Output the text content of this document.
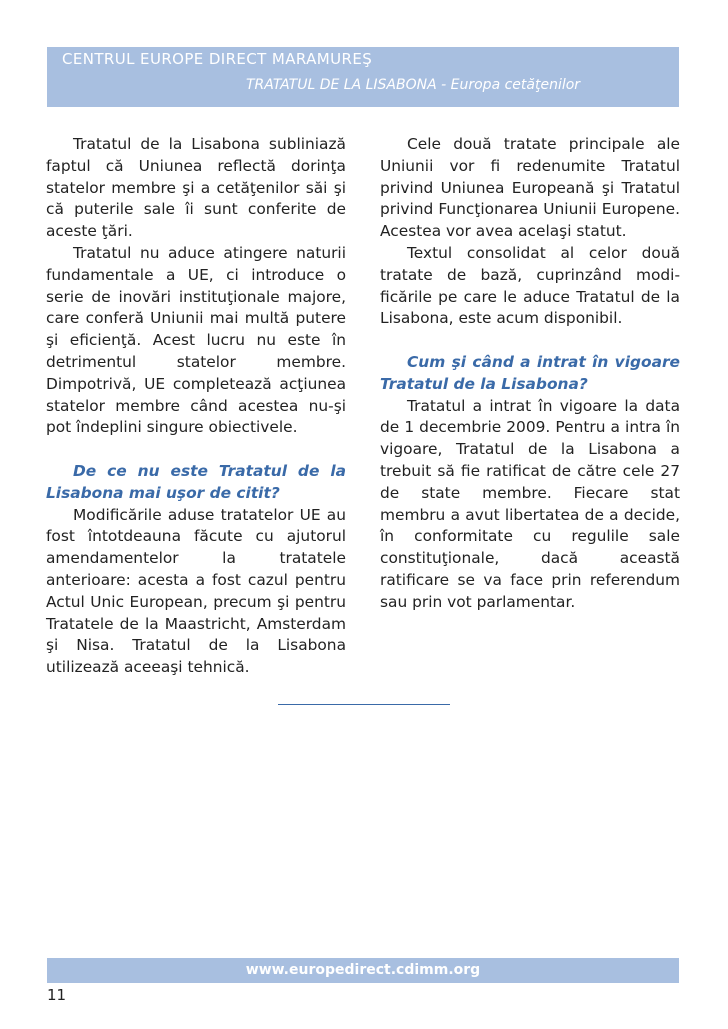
CENTRUL EUROPE DIRECT MARAMUREŞ
TRATATUL DE LA LISABONA - Europa cetăţenilor

Tratatul de la Lisabona subliniază faptul că Uniunea reflectă dorinţa statelor membre şi a cetăţenilor săi şi că puterile sale îi sunt conferite de aceste ţări.

Tratatul nu aduce atingere naturii fundamentale a UE, ci introduce o serie de inovări instituţionale majore, care conferă Uniunii mai multă putere şi eficienţă. Acest lucru nu este în detrimentul statelor membre. Dimpotrivă, UE completează acţiunea statelor membre când acestea nu-şi pot îndeplini singure obiectivele.

De ce nu este Tratatul de la Lisabona mai uşor de citit?

Modificările aduse tratatelor UE au fost întotdeauna făcute cu ajutorul amendamentelor la tratatele anterioare: acesta a fost cazul pentru Actul Unic European, precum şi pentru Tratatele de la Maastricht, Amsterdam şi Nisa. Tratatul de la Lisabona utilizează aceeaşi tehnică.

Cele două tratate principale ale Uniunii vor fi redenumite Tratatul privind Uniunea Europeană şi Tratatul privind Funcţionarea Uniunii Europene. Acestea vor avea acelaşi statut.

Textul consolidat al celor două tratate de bază, cuprinzând modificările pe care le aduce Tratatul de la Lisabona, este acum disponibil.

Cum şi când a intrat în vigoare Tratatul de la Lisabona?

Tratatul a intrat în vigoare la data de 1 decembrie 2009. Pentru a intra în vigoare, Tratatul de la Lisabona a trebuit să fie ratificat de către cele 27 de state membre. Fiecare stat membru a avut libertatea de a decide, în conformitate cu regulile sale constituţionale, dacă această ratificare se va face prin referendum sau prin vot parlamentar.

www.europedirect.cdimm.org
11
